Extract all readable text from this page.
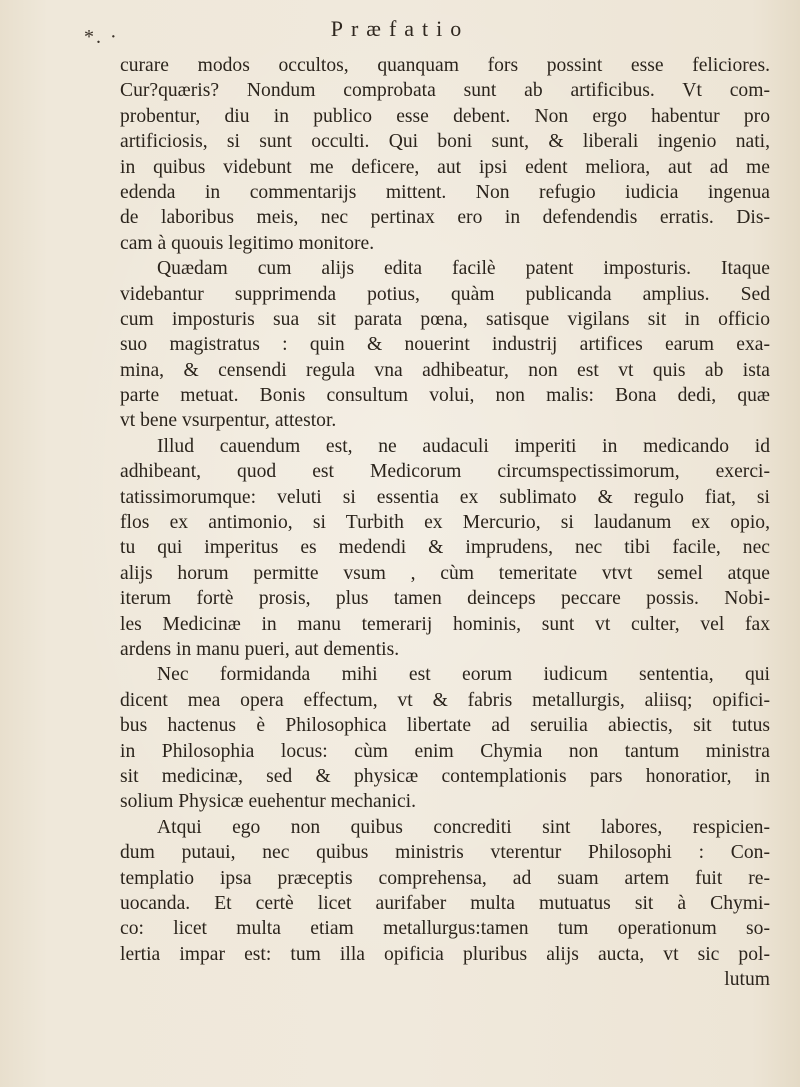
*. ·	Præfatio
curare modos occultos, quanquam fors possint esse feliciores.
Cur?quæris? Nondum comprobata sunt ab artificibus. Vt com-
probentur, diu in publico esse debent. Non ergo habentur pro
artificiosis, si sunt occulti. Qui boni sunt, & liberali ingenio nati,
in quibus videbunt me deficere, aut ipsi edent meliora, aut ad me
edenda in commentarijs mittent. Non refugio iudicia ingenua
de laboribus meis, nec pertinax ero in defendendis erratis. Dis-
cam à quouis legitimo monitore.
Quædam cum alijs edita facilè patent imposturis. Itaque
videbantur supprimenda potius, quàm publicanda amplius. Sed
cum imposturis sua sit parata pœna, satisque vigilans sit in officio
suo magistratus : quin & nouerint industrij artifices earum exa-
mina, & censendi regula vna adhibeatur, non est vt quis ab ista
parte metuat. Bonis consultum volui, non malis: Bona dedi, quæ
vt bene vsurpentur, attestor.
Illud cauendum est, ne audaculi imperiti in medicando id
adhibeant, quod est Medicorum circumspectissimorum, exerci-
tatissimorumque: veluti si essentia ex sublimato & regulo fiat, si
flos ex antimonio, si Turbith ex Mercurio, si laudanum ex opio,
tu qui imperitus es medendi & imprudens, nec tibi facile, nec
alijs horum permitte vsum , cùm temeritate vtvt semel atque
iterum fortè prosis, plus tamen deinceps peccare possis. Nobi-
les Medicinæ in manu temerarij hominis, sunt vt culter, vel fax
ardens in manu pueri, aut dementis.
Nec formidanda mihi est eorum iudicum sententia, qui
dicent mea opera effectum, vt & fabris metallurgis, aliisq; opifici-
bus hactenus è Philosophica libertate ad seruilia abiectis, sit tutus
in Philosophia locus: cùm enim Chymia non tantum ministra
sit medicinæ, sed & physicæ contemplationis pars honoratior, in
solium Physicæ euehentur mechanici.
Atqui ego non quibus concrediti sint labores, respicien-
dum putaui, nec quibus ministris vterentur Philosophi : Con-
templatio ipsa præceptis comprehensa, ad suam artem fuit re-
uocanda. Et certè licet aurifaber multa mutuatus sit à Chymi-
co: licet multa etiam metallurgus:tamen tum operationum so-
lertia impar est: tum illa opificia pluribus alijs aucta, vt sic pol-
lutum
